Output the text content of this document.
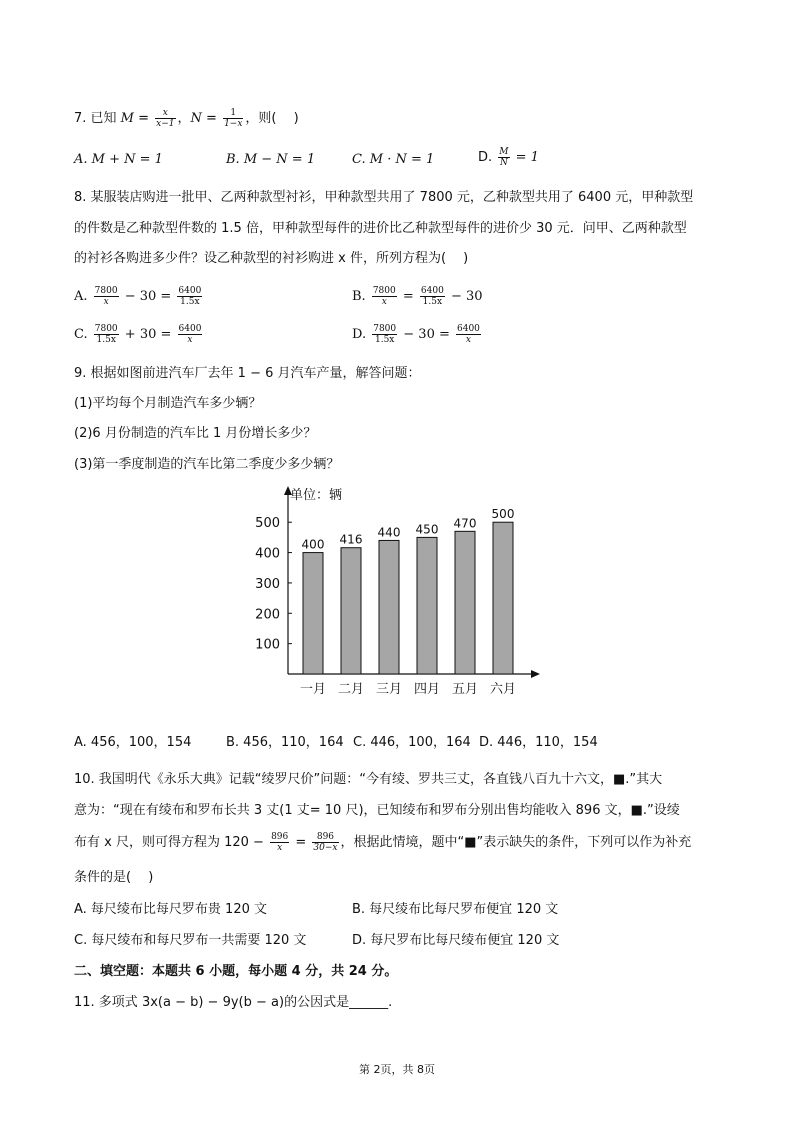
7. 已知 $M = \frac{x}{x-1}$ ，$N = \frac{1}{1-x}$ ，则(　 )
A. M + N = 1	B. M − N = 1	C. M · N = 1	D. $\frac{M}{N} = 1$
8. 某服装店购进一批甲、乙两种款型衬衫，甲种款型共用了 7800 元，乙种款型共用了 6400 元，甲种款型
的件数是乙种款型件数的 1.5 倍，甲种款型每件的进价比乙种款型每件的进价少 30 元．问甲、乙两种款型
的衬衫各购进多少件？设乙种款型的衬衫购进 x 件，所列方程为(　 )
A. $\frac{7800}{x} - 30 = \frac{6400}{1.5x}$	B. $\frac{7800}{x} = \frac{6400}{1.5x} - 30$
C. $\frac{7800}{1.5x} + 30 = \frac{6400}{x}$	D. $\frac{7800}{1.5x} - 30 = \frac{6400}{x}$
9. 根据如图前进汽车厂去年 1 − 6 月汽车产量，解答问题：
(1)平均每个月制造汽车多少辆？
(2)6 月份制造的汽车比 1 月份增长多少？
(3)第一季度制造的汽车比第二季度少多少辆？
单位：辆
100
200
300
400
500
400 416
440 450 470
500
一月 二月 三月 四月 五月 六月
A. 456，100，154	B. 456，110，164 C. 446，100，164 D. 446，110，154
10. 我国明代《永乐大典》记载“绫罗尺价”问题：“今有绫、罗共三丈，各直钱八百九十六文，■.”其大
意为：“现在有绫布和罗布长共 3 丈(1 丈= 10 尺)，已知绫布和罗布分别出售均能收入 896 文，■.”设绫
布有 x 尺，则可得方程为 $120 - \frac{896}{x} = \frac{896}{30-x}$ ，根据此情境，题中“■”表示缺失的条件，下列可以作为补充
条件的是(　 )
A. 每尺绫布比每尺罗布贵 120 文	B. 每尺绫布比每尺罗布便宜 120 文
C. 每尺绫布和每尺罗布一共需要 120 文	D. 每尺罗布比每尺绫布便宜 120 文
二、填空题：本题共 6 小题，每小题 4 分，共 24 分。
11. 多项式 3x(a − b) − 9y(b − a)的公因式是______.
第 2页，共 8页
